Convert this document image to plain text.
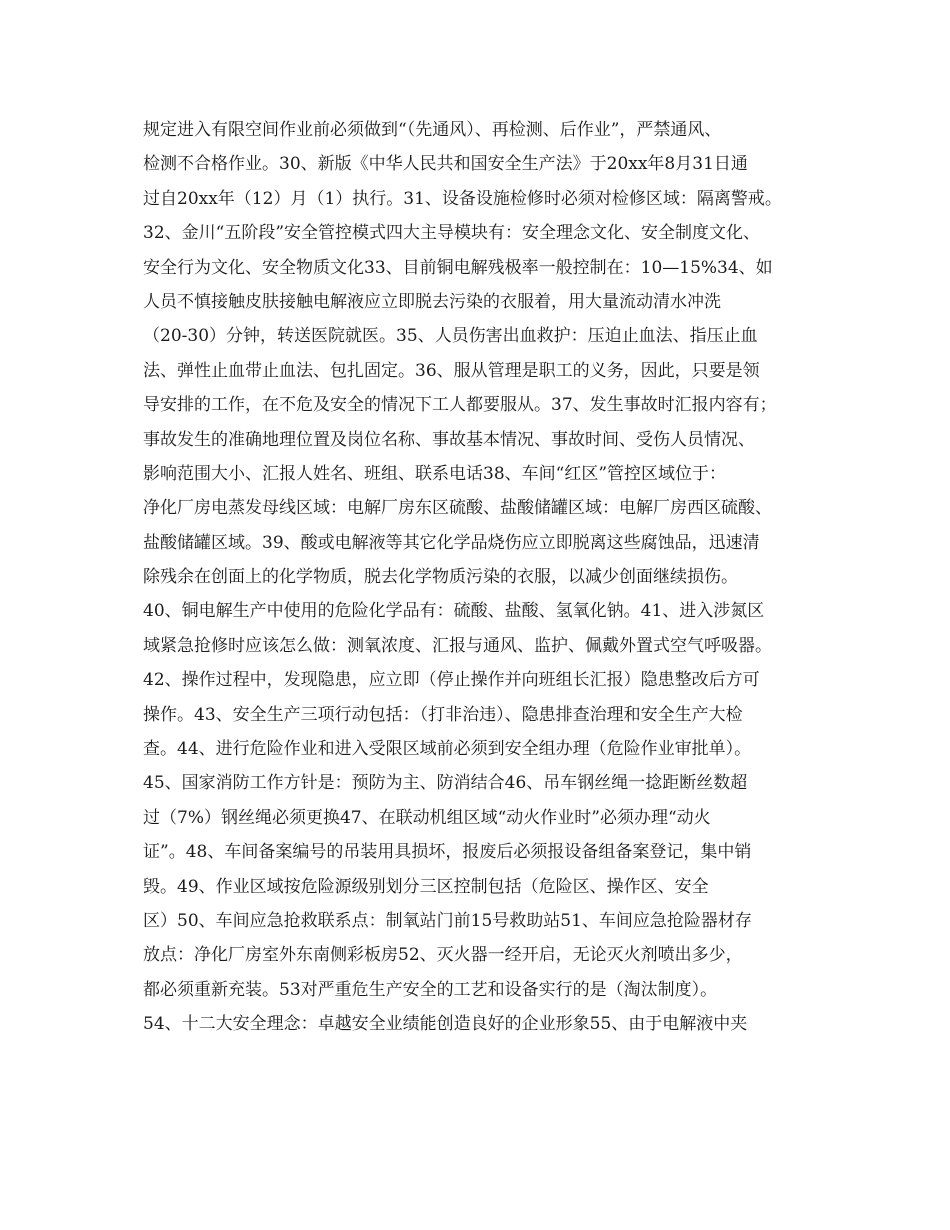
规定进入有限空间作业前必须做到“（先通风）、再检测、后作业”，严禁通风、
检测不合格作业。30、新版《中华人民共和国安全生产法》于20xx年8月31日通
过自20xx年（12）月（1）执行。31、设备设施检修时必须对检修区域：隔离警戒。
32、金川“五阶段”安全管控模式四大主导模块有：安全理念文化、安全制度文化、
安全行为文化、安全物质文化33、目前铜电解残极率一般控制在：10—15%34、如
人员不慎接触皮肤接触电解液应立即脱去污染的衣服着，用大量流动清水冲洗
（20-30）分钟，转送医院就医。35、人员伤害出血救护：压迫止血法、指压止血
法、弹性止血带止血法、包扎固定。36、服从管理是职工的义务，因此，只要是领
导安排的工作，在不危及安全的情况下工人都要服从。37、发生事故时汇报内容有；
事故发生的准确地理位置及岗位名称、事故基本情况、事故时间、受伤人员情况、
影响范围大小、汇报人姓名、班组、联系电话38、车间“红区”管控区域位于：
净化厂房电蒸发母线区域：电解厂房东区硫酸、盐酸储罐区域：电解厂房西区硫酸、
盐酸储罐区域。39、酸或电解液等其它化学品烧伤应立即脱离这些腐蚀品，迅速清
除残余在创面上的化学物质，脱去化学物质污染的衣服，以减少创面继续损伤。
40、铜电解生产中使用的危险化学品有：硫酸、盐酸、氢氧化钠。41、进入涉氮区
域紧急抢修时应该怎么做：测氧浓度、汇报与通风、监护、佩戴外置式空气呼吸器。
42、操作过程中，发现隐患，应立即（停止操作并向班组长汇报）隐患整改后方可
操作。43、安全生产三项行动包括：（打非治违）、隐患排查治理和安全生产大检
查。44、进行危险作业和进入受限区域前必须到安全组办理（危险作业审批单）。
45、国家消防工作方针是：预防为主、防消结合46、吊车钢丝绳一捻距断丝数超
过（7%）钢丝绳必须更换47、在联动机组区域“动火作业时”必须办理“动火
证”。48、车间备案编号的吊装用具损坏，报废后必须报设备组备案登记，集中销
毁。49、作业区域按危险源级别划分三区控制包括（危险区、操作区、安全
区）50、车间应急抢救联系点：制氧站门前15号救助站51、车间应急抢险器材存
放点：净化厂房室外东南侧彩板房52、灭火器一经开启，无论灭火剂喷出多少，
都必须重新充装。53对严重危生产安全的工艺和设备实行的是（淘汰制度）。
54、十二大安全理念：卓越安全业绩能创造良好的企业形象55、由于电解液中夹
